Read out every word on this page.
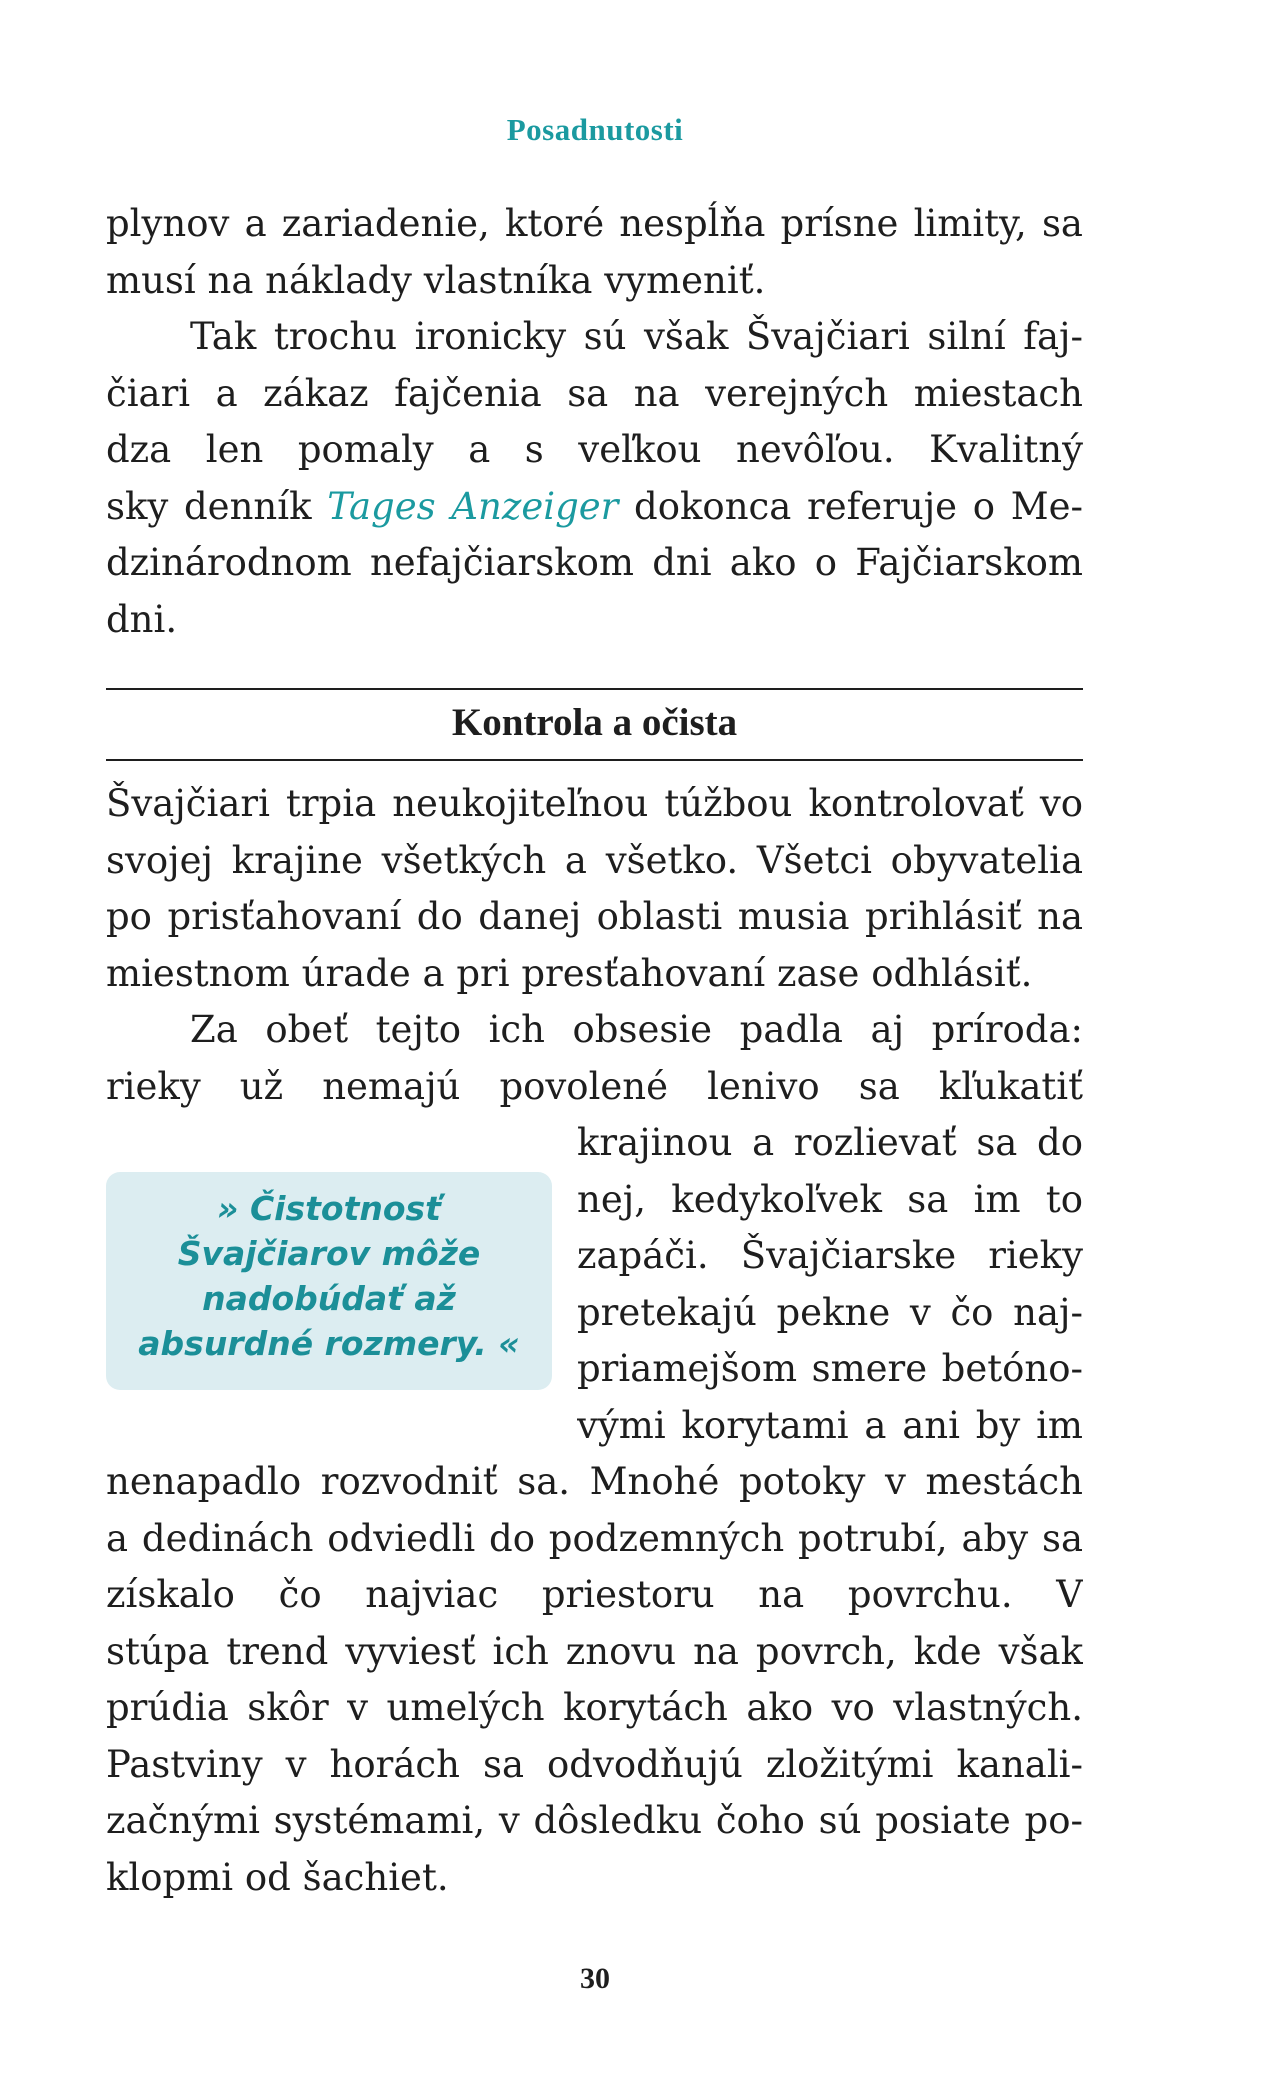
Posadnutosti
plynov a zariadenie, ktoré nespĺňa prísne limity, sa
musí na náklady vlastníka vymeniť.
Tak trochu ironicky sú však Švajčiari silní faj-
čiari a zákaz fajčenia sa na verejných miestach
dza len pomaly a s veľkou nevôľou. Kvalitný
sky denník Tages Anzeiger dokonca referuje o Me-
dzinárodnom nefajčiarskom dni ako o Fajčiarskom
dni.
Kontrola a očista
Švajčiari trpia neukojiteľnou túžbou kontrolovať vo
svojej krajine všetkých a všetko. Všetci obyvatelia
po prisťahovaní do danej oblasti musia prihlásiť na
miestnom úrade a pri presťahovaní zase odhlásiť.
Za obeť tejto ich obsesie padla aj príroda:
rieky už nemajú povolené lenivo sa kľukatiť
krajinou a rozlievať sa do
nej, kedykoľvek sa im to
zapáči. Švajčiarske rieky
pretekajú pekne v čo naj-
priamejšom smere betóno-
vými korytami a ani by im
» Čistotnosť
Švajčiarov môže
nadobúdať až
absurdné rozmery. «
nenapadlo rozvodniť sa. Mnohé potoky v mestách
a dedinách odviedli do podzemných potrubí, aby sa
získalo čo najviac priestoru na povrchu. V
stúpa trend vyviesť ich znovu na povrch, kde však
prúdia skôr v umelých korytách ako vo vlastných.
Pastviny v horách sa odvodňujú zložitými kanali-
začnými systémami, v dôsledku čoho sú posiate po-
klopmi od šachiet.
30
